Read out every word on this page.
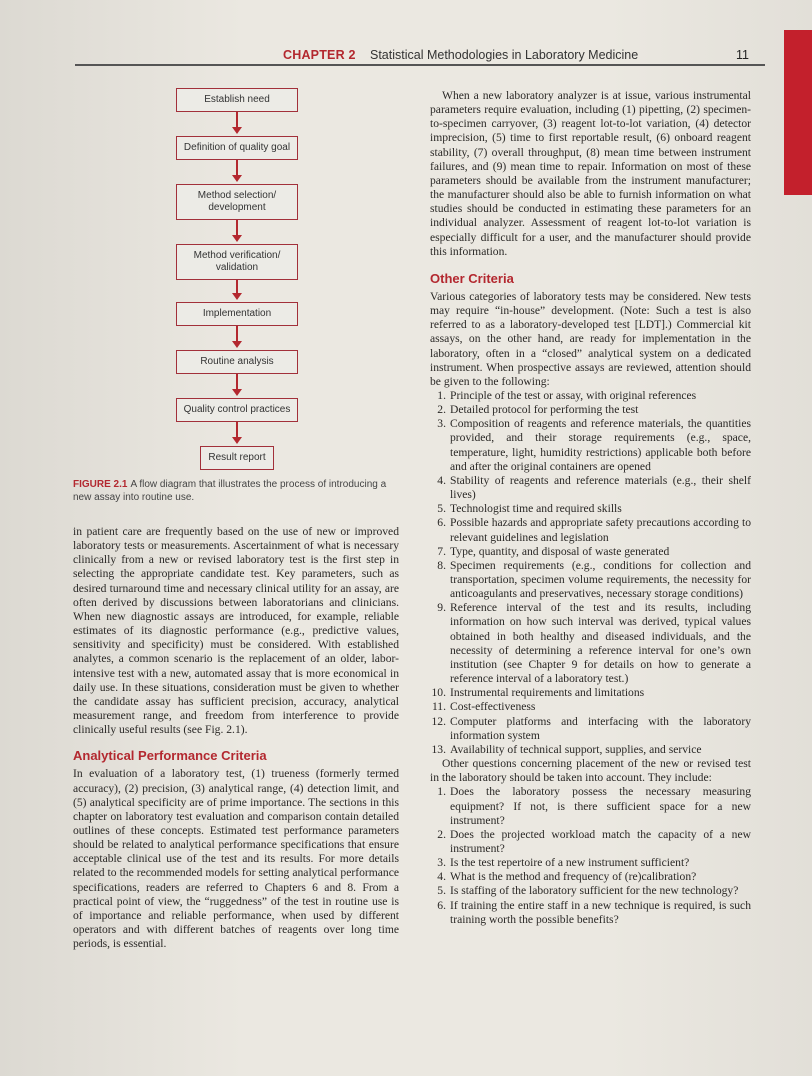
CHAPTER 2 Statistical Methodologies in Laboratory Medicine	11
Establish need
Definition of quality goal
Method selection/
development
Method verification/
validation
Implementation
Routine analysis
Quality control practices
Result report
FIGURE 2.1 A flow diagram that illustrates the process of introducing a new assay into routine use.

in patient care are frequently based on the use of new or improved laboratory tests or measurements. Ascertainment of what is necessary clinically from a new or revised laboratory test is the first step in selecting the appropriate candidate test. Key parameters, such as desired turnaround time and necessary clinical utility for an assay, are often derived by discussions between laboratorians and clinicians. When new diagnostic assays are introduced, for example, reliable estimates of its diagnostic performance (e.g., predictive values, sensitivity and specificity) must be considered. With established analytes, a common scenario is the replacement of an older, labor-intensive test with a new, automated assay that is more economical in daily use. In these situations, consideration must be given to whether the candidate assay has sufficient precision, accuracy, analytical measurement range, and freedom from interference to provide clinically useful results (see Fig. 2.1).

Analytical Performance Criteria

In evaluation of a laboratory test, (1) trueness (formerly termed accuracy), (2) precision, (3) analytical range, (4) detection limit, and (5) analytical specificity are of prime importance. The sections in this chapter on laboratory test evaluation and comparison contain detailed outlines of these concepts. Estimated test performance parameters should be related to analytical performance specifications that ensure acceptable clinical use of the test and its results. For more details related to the recommended models for setting analytical performance specifications, readers are referred to Chapters 6 and 8. From a practical point of view, the “ruggedness” of the test in routine use is of importance and reliable performance, when used by different operators and with different batches of reagents over long time periods, is essential.

When a new laboratory analyzer is at issue, various instrumental parameters require evaluation, including (1) pipetting, (2) specimen-to-specimen carryover, (3) reagent lot-to-lot variation, (4) detector imprecision, (5) time to first reportable result, (6) onboard reagent stability, (7) overall throughput, (8) mean time between instrument failures, and (9) mean time to repair. Information on most of these parameters should be available from the instrument manufacturer; the manufacturer should also be able to furnish information on what studies should be conducted in estimating these parameters for an individual analyzer. Assessment of reagent lot-to-lot variation is especially difficult for a user, and the manufacturer should provide this information.

Other Criteria

Various categories of laboratory tests may be considered. New tests may require “in-house” development. (Note: Such a test is also referred to as a laboratory-developed test [LDT].) Commercial kit assays, on the other hand, are ready for implementation in the laboratory, often in a “closed” analytical system on a dedicated instrument. When prospective assays are reviewed, attention should be given to the following:

1. Principle of the test or assay, with original references
2. Detailed protocol for performing the test
3. Composition of reagents and reference materials, the quantities provided, and their storage requirements (e.g., space, temperature, light, humidity restrictions) applicable both before and after the original containers are opened
4. Stability of reagents and reference materials (e.g., their shelf lives)
5. Technologist time and required skills
6. Possible hazards and appropriate safety precautions according to relevant guidelines and legislation
7. Type, quantity, and disposal of waste generated
8. Specimen requirements (e.g., conditions for collection and transportation, specimen volume requirements, the necessity for anticoagulants and preservatives, necessary storage conditions)
9. Reference interval of the test and its results, including information on how such interval was derived, typical values obtained in both healthy and diseased individuals, and the necessity of determining a reference interval for one’s own institution (see Chapter 9 for details on how to generate a reference interval of a laboratory test.)
10. Instrumental requirements and limitations
11. Cost-effectiveness
12. Computer platforms and interfacing with the laboratory information system
13. Availability of technical support, supplies, and service

Other questions concerning placement of the new or revised test in the laboratory should be taken into account. They include:

1. Does the laboratory possess the necessary measuring equipment? If not, is there sufficient space for a new instrument?
2. Does the projected workload match the capacity of a new instrument?
3. Is the test repertoire of a new instrument sufficient?
4. What is the method and frequency of (re)calibration?
5. Is staffing of the laboratory sufficient for the new technology?
6. If training the entire staff in a new technique is required, is such training worth the possible benefits?
